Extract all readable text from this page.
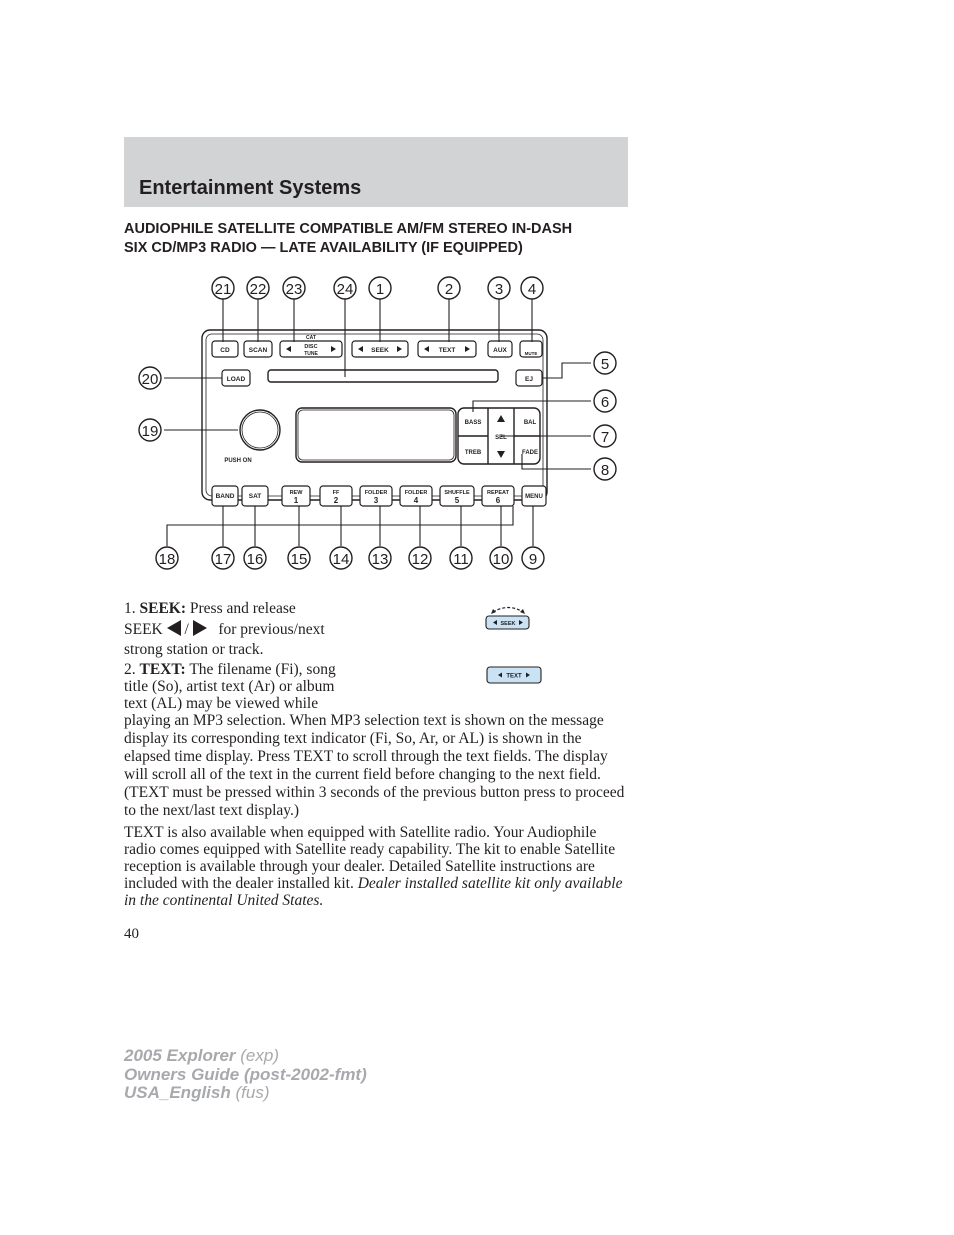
Entertainment Systems
AUDIOPHILE SATELLITE COMPATIBLE AM/FM STEREO IN-DASH
SIX CD/MP3 RADIO — LATE AVAILABILITY (IF EQUIPPED)
CD	SCAN
CAT
DISC
TUNE	SEEK	TEXT	AUX	MUTE
LOAD	EJ
BASS
TREB
SEL
BAL
FADE
PUSH ON
BAND SAT	REW
1
FF
2
FOLDER
3
FOLDER
4
SHUFFLE
5
REPEAT
6	MENU
21 22 23 24 1	2	3 4
5
6
7
8
20
19
18	17 16 15 14 13 12 11 10 9
1. SEEK: Press and release
SEEK / for previous/next
strong station or track.
SEEK
2. TEXT: The filename (Fi), song
title (So), artist text (Ar) or album
text (AL) may be viewed while
TEXT
playing an MP3 selection. When MP3 selection text is shown on the message display its corresponding text indicator (Fi, So, Ar, or AL) is shown in the elapsed time display. Press TEXT to scroll through the text fields. The display will scroll all of the text in the current field before changing to the next field. (TEXT must be pressed within 3 seconds of the previous button press to proceed to the next/last text display.)
TEXT is also available when equipped with Satellite radio. Your Audiophile radio comes equipped with Satellite ready capability. The kit to enable Satellite reception is available through your dealer. Detailed Satellite instructions are included with the dealer installed kit. Dealer installed satellite kit only available in the continental United States.
40
2005 Explorer (exp)
Owners Guide (post-2002-fmt)
USA_English (fus)
